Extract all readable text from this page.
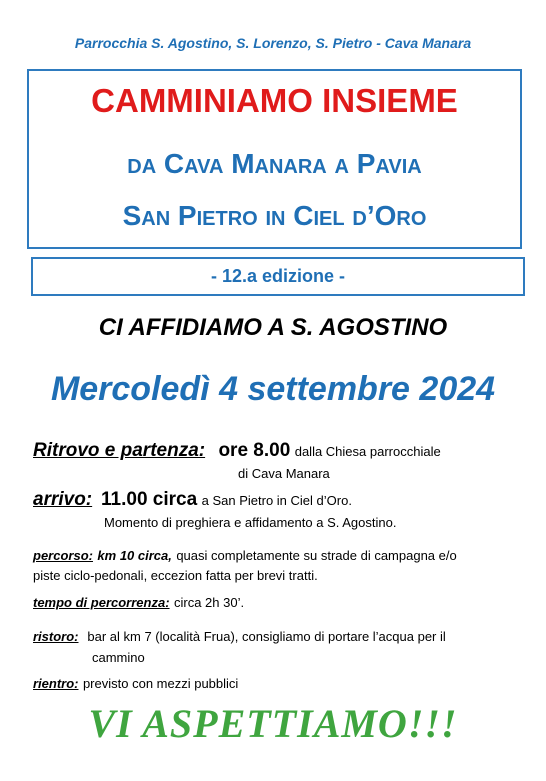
Parrocchia S. Agostino, S. Lorenzo, S. Pietro - Cava Manara
CAMMINIAMO INSIEME
da Cava Manara a Pavia
San Pietro in Ciel d’Oro
- 12.a edizione -
CI AFFIDIAMO A S. AGOSTINO
Mercoledì 4 settembre 2024
Ritrovo e partenza: ore 8.00 dalla Chiesa parrocchiale
di Cava Manara
arrivo: 11.00 circa a San Pietro in Ciel d’Oro.
Momento di preghiera e affidamento a S. Agostino.
percorso: km 10 circa, quasi completamente su strade di campagna e/o
piste ciclo-pedonali, eccezion fatta per brevi tratti.
tempo di percorrenza: circa 2h 30’.
ristoro: bar al km 7 (località Frua), consigliamo di portare l’acqua per il
cammino
rientro: previsto con mezzi pubblici
VI ASPETTIAMO!!!
